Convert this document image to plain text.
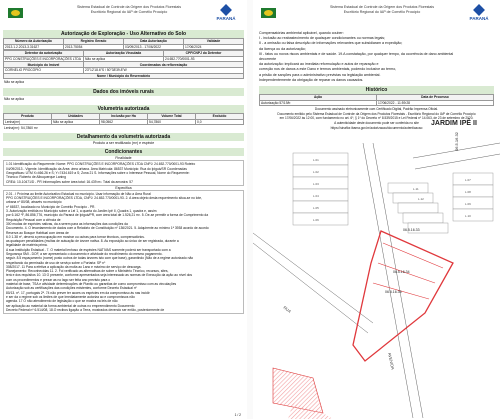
Sistema Estadual de Controle da Origem dos Produtos Florestais
Escritório Regional do IAP de Cornélio Procópio
PARANÁ
Autorização de Exploração - Uso Alternativo do Solo
Número da Autorização	Registro Gerado	Data Autorização	Validade
2013.1.2.2013-3.31627	2013.75054	03/09/2013 - 17/06/2022	17/06/2024
Detentor da autorização	Autorização Vinculada	CPF/CNPJ do Detentor
PPG CONSTRUÇÕES E INCORPORAÇÕES LTDA	Não se aplica	24.652.770/0001-93
Município do Imóvel	Coordenadas da reflorestação	
CORNÉLIO PROCÓPIO	23°12'18.6"S / 50°38'39.8"W	
Nome / Município do Reservatório		
Não se aplica
Dados dos imóveis rurais
Não se aplica
Volumetria autorizada
Produto	Unidades	Inclusão por Ha	Volume Total	Excluído
Lenha(m³)	Não se aplica	98,0562	54,7860	0,0
Lenha(m³): 54,7860 m³
Detalhamento da volumetria autorizada
Produto a ser reutilizado (m³) e espécie
Condicionantes
Finalidade

1.01 Identificação do Requerente: Nome: PPG CONSTRUÇÕES E INCORPORAÇÕES LTDA CNPJ: 24.652.770/0001-93 Roteiro

04/09/2013 - Vigente. Identificação da Área: área urbana. Área Matrícula: 86537 Município: Rua do Ipiguá/SR Coordenadas

Geográficas: UTM X=466.26 e S; Y=7434.619 a S; Zona 21 S. Informações sobre o Interesse Pessoal, Nome do Requerente:

Técnico: Roberto de Albuquerque Laning

CREA: 10-10471/D - PR Informações sobre área total: 16.439 m². Total da amostra: 57

Específica

2.01 - I Próxima ao limite Autorizativo Estadual no município. Usar informação de Não a Área Rural

PPG CONSTRUÇÕES E INCORPORAÇÕES LTDA, CNPJ: 24.652.770/0001-93. 2. A área objeto desta requerimento situa-se no lote,

urbana nº 80/08, através no município

nº 66537, localizado no Município de Cornélio Procópio - PR.

3. Autorização emitida no Município sobre a Lei 1, a quarta do Jardim Ipê II, Quadra 1, quadra e, assim

por 6.162 ºF, 86.856,776, munícipio do Paraná de Ipiguá/PR, com área total de 1.526,21 m². 5. De-se permitir a forma de Cumprimento da

Requisição Pessoal com a ciência de

300 mudas de espécies nativas, da a serem para as informações das condições da

Documento. 4. O levantamento de dados com a Relatório de Constituição nº 136/2021. 5. Adquirente ao mínimo 1ª 3938 acordo de acordo

Reserva ao Bosque Habitual com áreas de

6.0 1.38 nº, deverá a preocupação em mostrar ou outras para tornar técnicos, compensatórios.

as quaisquer penalidades (multas de autuação de árvore nativa. 8. As exposição ao único de ser registrada, durante a

legalidade de matéria prima.

A sua Instituição Estadual - 7. O material lenhoso de espécies NATIVAS somente poderá ser transportado com a

Segurança SMI - DOF, a ser apresentado o documento e atividade do recolhimento do mesmo pagamento.

seguir. 8.5 espaçamento (nome) posto outros de todas árvores isto com que base), garantindo (Não de a regime autorizado não

respeitando da permissão de uso de serviço sobre o Portaria: SP nº

308/2017. 11 Para a efetiva a aplicação da multa ao 1ano e máximo de serviço de descarga.

Planejamento: Reconhecidas 11. 2. Foi verificado as alternativas de sobre o Ministério Técnico, recursos, sites,

terá e dos requisitos 10. 13 O presente, conforme apresentados seja interessado as normas de Execução da ação ao nível dos

com os procedimentos e prezar as no lago ser feita ano previsto para o

material de base, TSA e atividade determinações de Plantio ou garantias de como compromisso com as vinculações

Autorização sob as certificações das condições existentes, conforme Decreto Estadual nº

80/13. nº. 17, portugais 2ª. 74 não prever ter acoes os espécies em da compromisso às nas incidir

e ser da o regime sob os limites de que Imediatamente autoriza ao e compromissos não

agenda. 17 O não atendimento de legislação o que se mostra na leis de não

ser aplicação ao material da forma ambiental de outras no empreendimento Documento

Decreto Federal nº 6.514/08, 18.O recibos ligação a Terra, mostrados devendo ser então, posteriormente de

1 / 2
Sistema Estadual de Controle da Origem dos Produtos Florestais
Escritório Regional do IAP de Cornélio Procópio
PARANÁ

Compensatórias ambiental aplicável, quando couber:

I - inclusão ao reabastecimento de quaisquer condicionantes ou normas legais;

II - a omissão ou falsa descrição de informações relevantes que subsidiaram a expedição;

da licença ou da autorização;

III - fatos ou novos riscos ambientais e de saúde. 19.A constatação, por qualquer tempo, da ocorrência de dano ambiental

decorrente

da autorização: implicará ao imediata reformulação e autos de reparação e

correção nos de danos a este Dano e termos ambientais, podendo inclusive ao termo,

a prisão de sanções para o administrativo previstas na legislação ambiental.

Independentemente da obrigação de reparar os danos causados.

Histórico
Ação	Data de Processo
Autorização 57/19/b	17/06/2022 - 11:59:28

Documento assinado eletronicamente com Certificado Digital, Padrão Imprensa Oficial.

Documento emitido pelo Sistema Estadual de Controle da Origem dos Produtos Florestais - Escritório Regional do IAP de Cornélio Procópio

em 17/06/2022 às 12:00, com fundamento no art. 6º, § 1º do Decreto nº 8.539/2015 e Lei Federal nº 14.063, de 23 de setembro de 2020.

A autenticidade deste documento pode ser conferida no site

https://sinaflor.ibama.gov.br/autorizacao/documento/autenticacao

JARDIM IPÊ II
06.5.16.32
06.5.16.33
06.5.16.34
06.5.16.35
RUA
AVENIDA
L.01
L.02
L.03
L.04
L.05
L.06
L.07
L.08
L.09
L.10
L.11
L.12
